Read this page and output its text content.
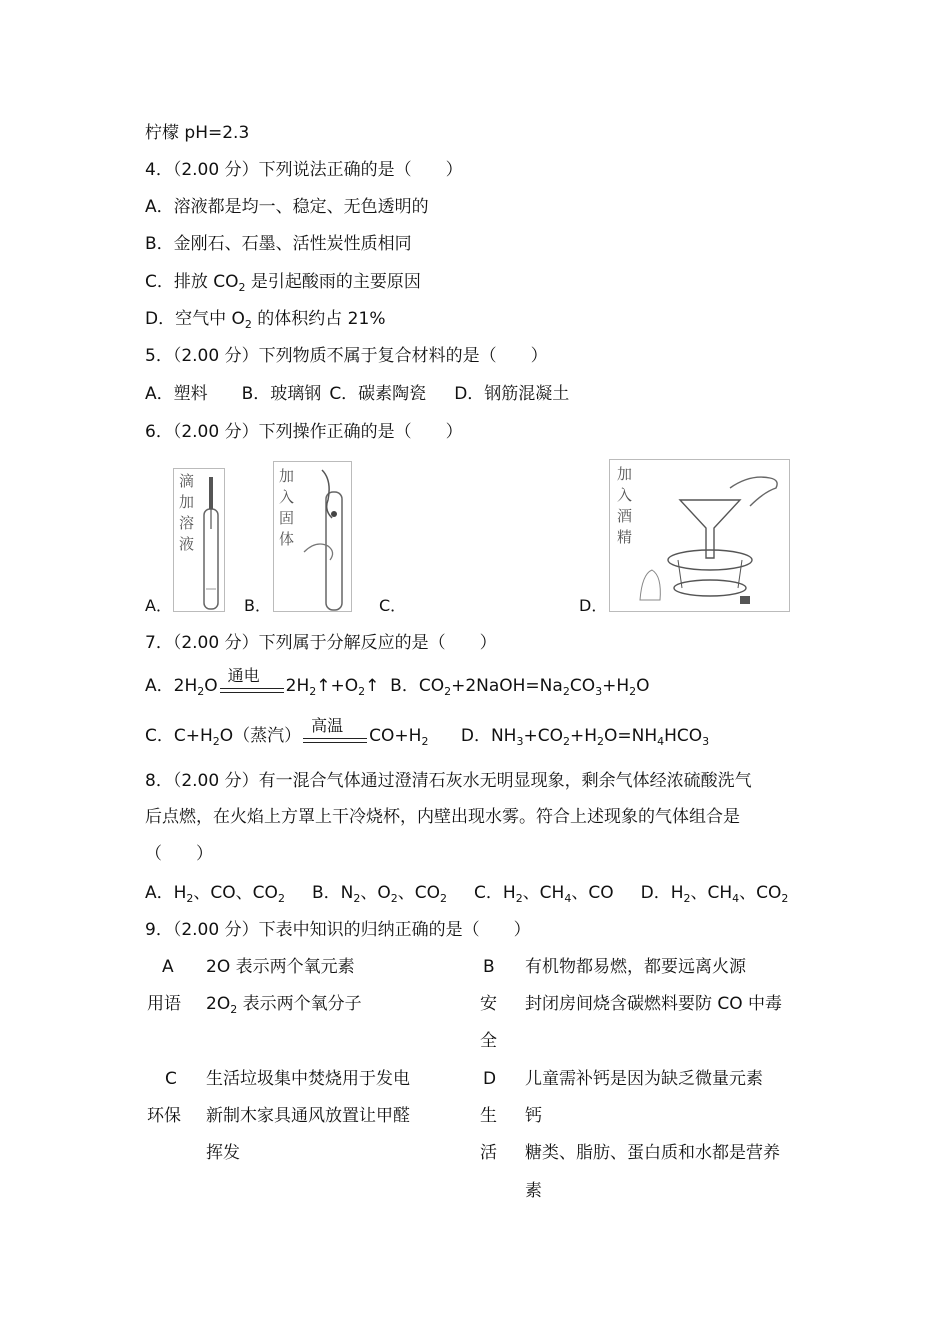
柠檬 pH=2.3
4．（2.00 分）下列说法正确的是（　　）
A．溶液都是均一、稳定、无色透明的
B．金刚石、石墨、活性炭性质相同
C．排放 $CO_2$ 是引起酸雨的主要原因
D．空气中 $O_2$ 的体积约占 21%
5．（2.00 分）下列物质不属于复合材料的是（　　）
A．塑料 B．玻璃钢 C．碳素陶瓷 D．钢筋混凝土
6．（2.00 分）下列操作正确的是（　　）
A．
滴加溶液
B．
加入固体
C．	D．
加入酒精
7．（2.00 分）下列属于分解反应的是（　　）
A．$2H_2O$
通电
$2H_2↑+O_2↑$  B．$CO_2+2NaOH=Na_2CO_3+H_2O$
C．$C+H_2O$（蒸汽）
高温
$CO+H_2$      D．$NH_3+CO_2+H_2O=NH_4HCO_3$
8．（2.00 分）有一混合气体通过澄清石灰水无明显现象，剩余气体经浓硫酸洗气
后点燃，在火焰上方罩上干冷烧杯，内壁出现水雾。符合上述现象的气体组合是
（　　）
A．$H_2$、CO、$CO_2$     B．$N_2$、$O_2$、$CO_2$     C．$H_2$、$CH_4$、CO     D．$H_2$、$CH_4$、$CO_2$
9．（2.00 分）下表中知识的归纳正确的是（　　）
A 2O 表示两个氧元素
用语 $2O_2$ 表示两个氧分子
B 有机物都易燃，都要远离火源
安 封闭房间烧含碳燃料要防 CO 中毒
全
C 生活垃圾集中焚烧用于发电
环保 新制木家具通风放置让甲醛
挥发
D 儿童需补钙是因为缺乏微量元素
生 钙
活 糖类、脂肪、蛋白质和水都是营养
素
